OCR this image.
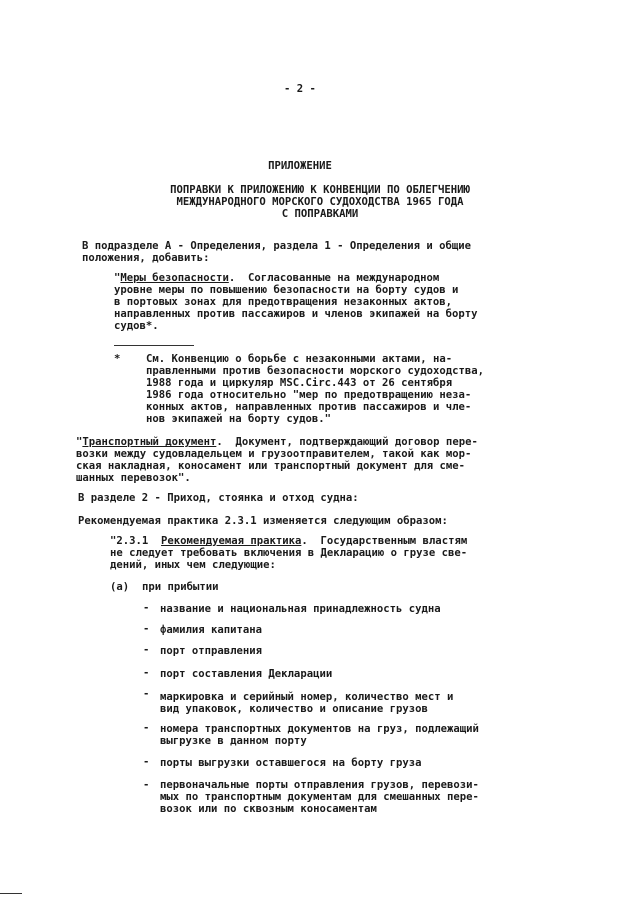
- 2 -
ПРИЛОЖЕНИЕ
ПОПРАВКИ К ПРИЛОЖЕНИЮ К КОНВЕНЦИИ ПО ОБЛЕГЧЕНИЮ
МЕЖДУНАРОДНОГО МОРСКОГО СУДОХОДСТВА 1965 ГОДА
С ПОПРАВКАМИ
В подразделе А - Определения, раздела 1 - Определения и общие
положения, добавить:
"Меры безопасности.  Согласованные на международном
уровне меры по повышению безопасности на борту судов и
в портовых зонах для предотвращения незаконных актов,
направленных против пассажиров и членов экипажей на борту
судов*.
* См. Конвенцию о борьбе с незаконными актами, на-
правленными против безопасности морского судоходства,
1988 года и циркуляр MSC.Circ.443 от 26 сентября
1986 года относительно "мер по предотвращению неза-
конных актов, направленных против пассажиров и чле-
нов экипажей на борту судов."
"Транспортный документ.  Документ, подтверждающий договор пере-
возки между судовладельцем и грузоотправителем, такой как мор-
ская накладная, коносамент или транспортный документ для сме-
шанных перевозок".
В разделе 2 - Приход, стоянка и отход судна:
Рекомендуемая практика 2.3.1 изменяется следующим образом:
"2.3.1 Рекомендуемая практика.  Государственным властям
не следует требовать включения в Декларацию о грузе све-
дений, иных чем следующие:
(a) при прибытии
- название и национальная принадлежность судна
- фамилия капитана
- порт отправления
- порт составления Декларации
- маркировка и серийный номер, количество мест и
вид упаковок, количество и описание грузов
- номера транспортных документов на груз, подлежащий
выгрузке в данном порту
- порты выгрузки оставшегося на борту груза
- первоначальные порты отправления грузов, перевози-
мых по транспортным документам для смешанных пере-
возок или по сквозным коносаментам
